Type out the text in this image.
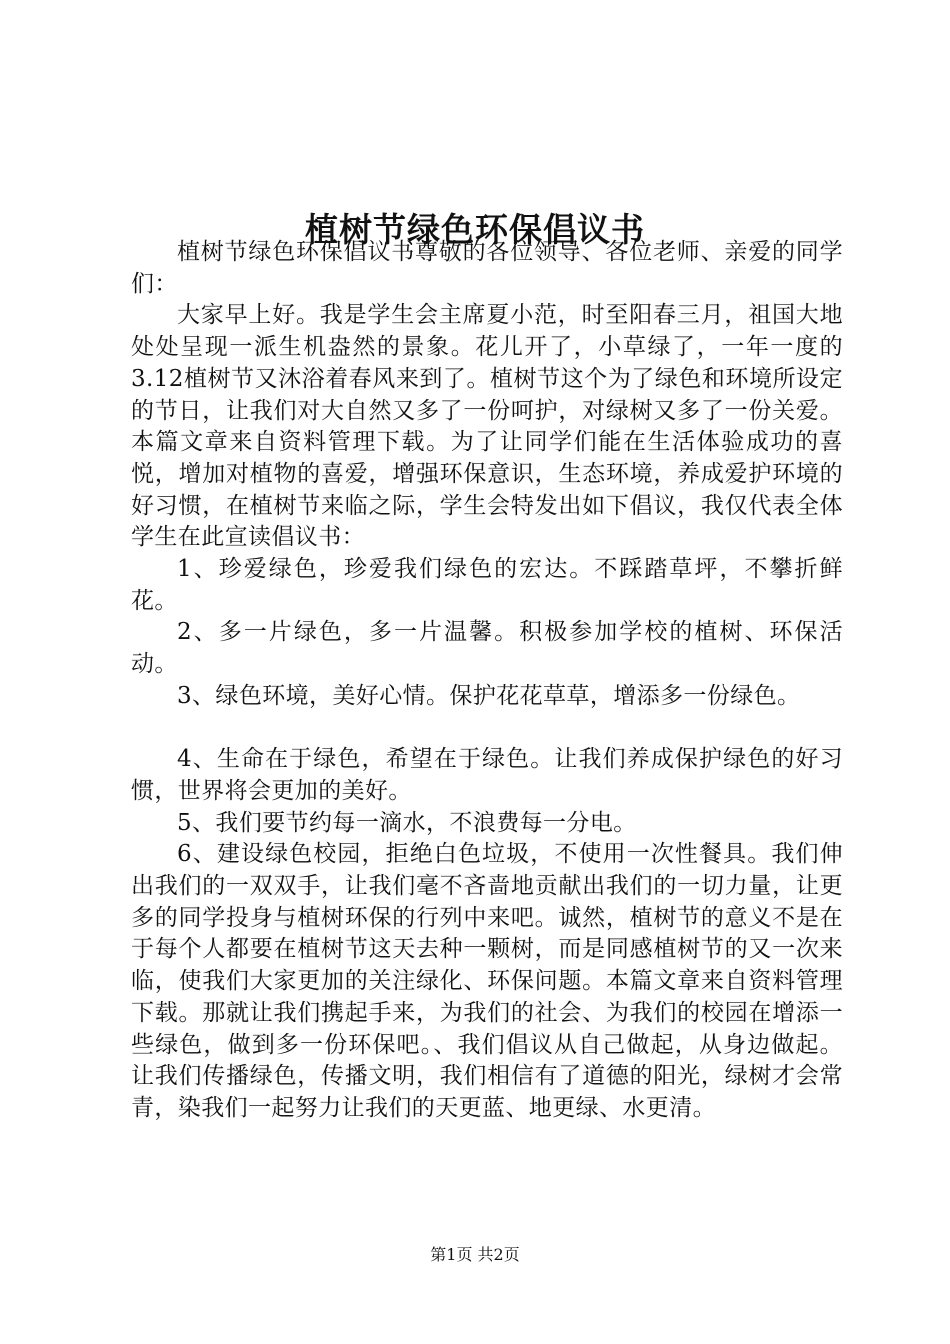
植树节绿色环保倡议书

植树节绿色环保倡议书尊敬的各位领导、各位老师、亲爱的同学们：

大家早上好。我是学生会主席夏小范，时至阳春三月，祖国大地处处呈现一派生机盎然的景象。花儿开了，小草绿了，一年一度的3.12植树节又沐浴着春风来到了。植树节这个为了绿色和环境所设定的节日，让我们对大自然又多了一份呵护，对绿树又多了一份关爱。本篇文章来自资料管理下载。为了让同学们能在生活体验成功的喜悦，增加对植物的喜爱，增强环保意识，生态环境，养成爱护环境的好习惯，在植树节来临之际，学生会特发出如下倡议，我仅代表全体学生在此宣读倡议书：

1、珍爱绿色，珍爱我们绿色的宏达。不踩踏草坪，不攀折鲜花。

2、多一片绿色，多一片温馨。积极参加学校的植树、环保活动。

3、绿色环境，美好心情。保护花花草草，增添多一份绿色。

4、生命在于绿色，希望在于绿色。让我们养成保护绿色的好习惯，世界将会更加的美好。

5、我们要节约每一滴水，不浪费每一分电。

6、建设绿色校园，拒绝白色垃圾，不使用一次性餐具。我们伸出我们的一双双手，让我们毫不吝啬地贡献出我们的一切力量，让更多的同学投身与植树环保的行列中来吧。诚然，植树节的意义不是在于每个人都要在植树节这天去种一颗树，而是同感植树节的又一次来临，使我们大家更加的关注绿化、环保问题。本篇文章来自资料管理下载。那就让我们携起手来，为我们的社会、为我们的校园在增添一些绿色，做到多一份环保吧。、我们倡议从自己做起，从身边做起。让我们传播绿色，传播文明，我们相信有了道德的阳光，绿树才会常青，染我们一起努力让我们的天更蓝、地更绿、水更清。

第1页 共2页
